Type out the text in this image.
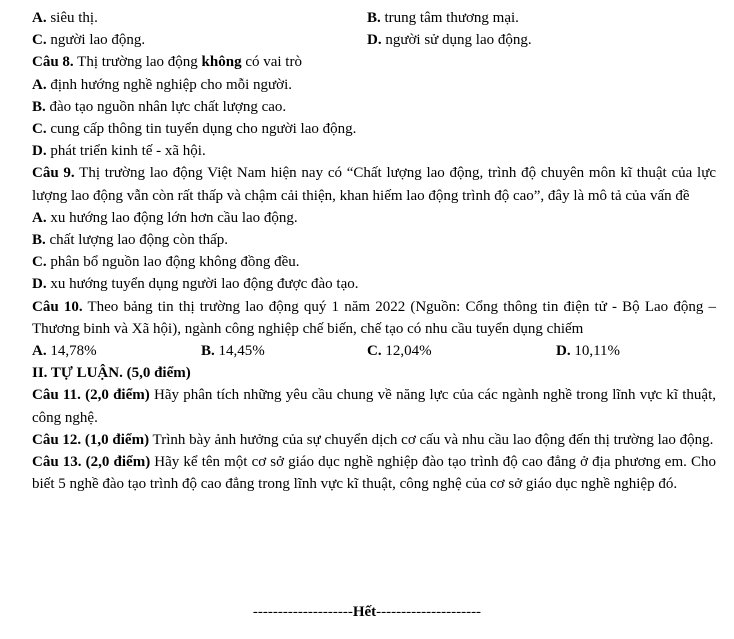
A. siêu thị.	B. trung tâm thương mại.
C. người lao động.	D. người sử dụng lao động.
Câu 8. Thị trường lao động không có vai trò
A. định hướng nghề nghiệp cho mỗi người.
B. đào tạo nguồn nhân lực chất lượng cao.
C. cung cấp thông tin tuyển dụng cho người lao động.
D. phát triển kinh tế - xã hội.
Câu 9. Thị trường lao động Việt Nam hiện nay có “Chất lượng lao động, trình độ chuyên môn kĩ thuật của lực lượng lao động vẫn còn rất thấp và chậm cải thiện, khan hiếm lao động trình độ cao”, đây là mô tả của vấn đề
A. xu hướng lao động lớn hơn cầu lao động.
B. chất lượng lao động còn thấp.
C. phân bổ nguồn lao động không đồng đều.
D. xu hướng tuyển dụng người lao động được đào tạo.
Câu 10. Theo bảng tin thị trường lao động quý 1 năm 2022 (Nguồn: Cổng thông tin điện tử - Bộ Lao động – Thương binh và Xã hội), ngành công nghiệp chế biến, chế tạo có nhu cầu tuyển dụng chiếm
A. 14,78%	B. 14,45%	C. 12,04%	D. 10,11%
II. TỰ LUẬN. (5,0 điểm)
Câu 11. (2,0 điểm) Hãy phân tích những yêu cầu chung về năng lực của các ngành nghề trong lĩnh vực kĩ thuật, công nghệ.
Câu 12. (1,0 điểm) Trình bày ảnh hưởng của sự chuyển dịch cơ cấu và nhu cầu lao động đến thị trường lao động.
Câu 13. (2,0 điểm) Hãy kể tên một cơ sở giáo dục nghề nghiệp đào tạo trình độ cao đẳng ở địa phương em. Cho biết 5 nghề đào tạo trình độ cao đẳng trong lĩnh vực kĩ thuật, công nghệ của cơ sở giáo dục nghề nghiệp đó.
--------------------Hết---------------------
